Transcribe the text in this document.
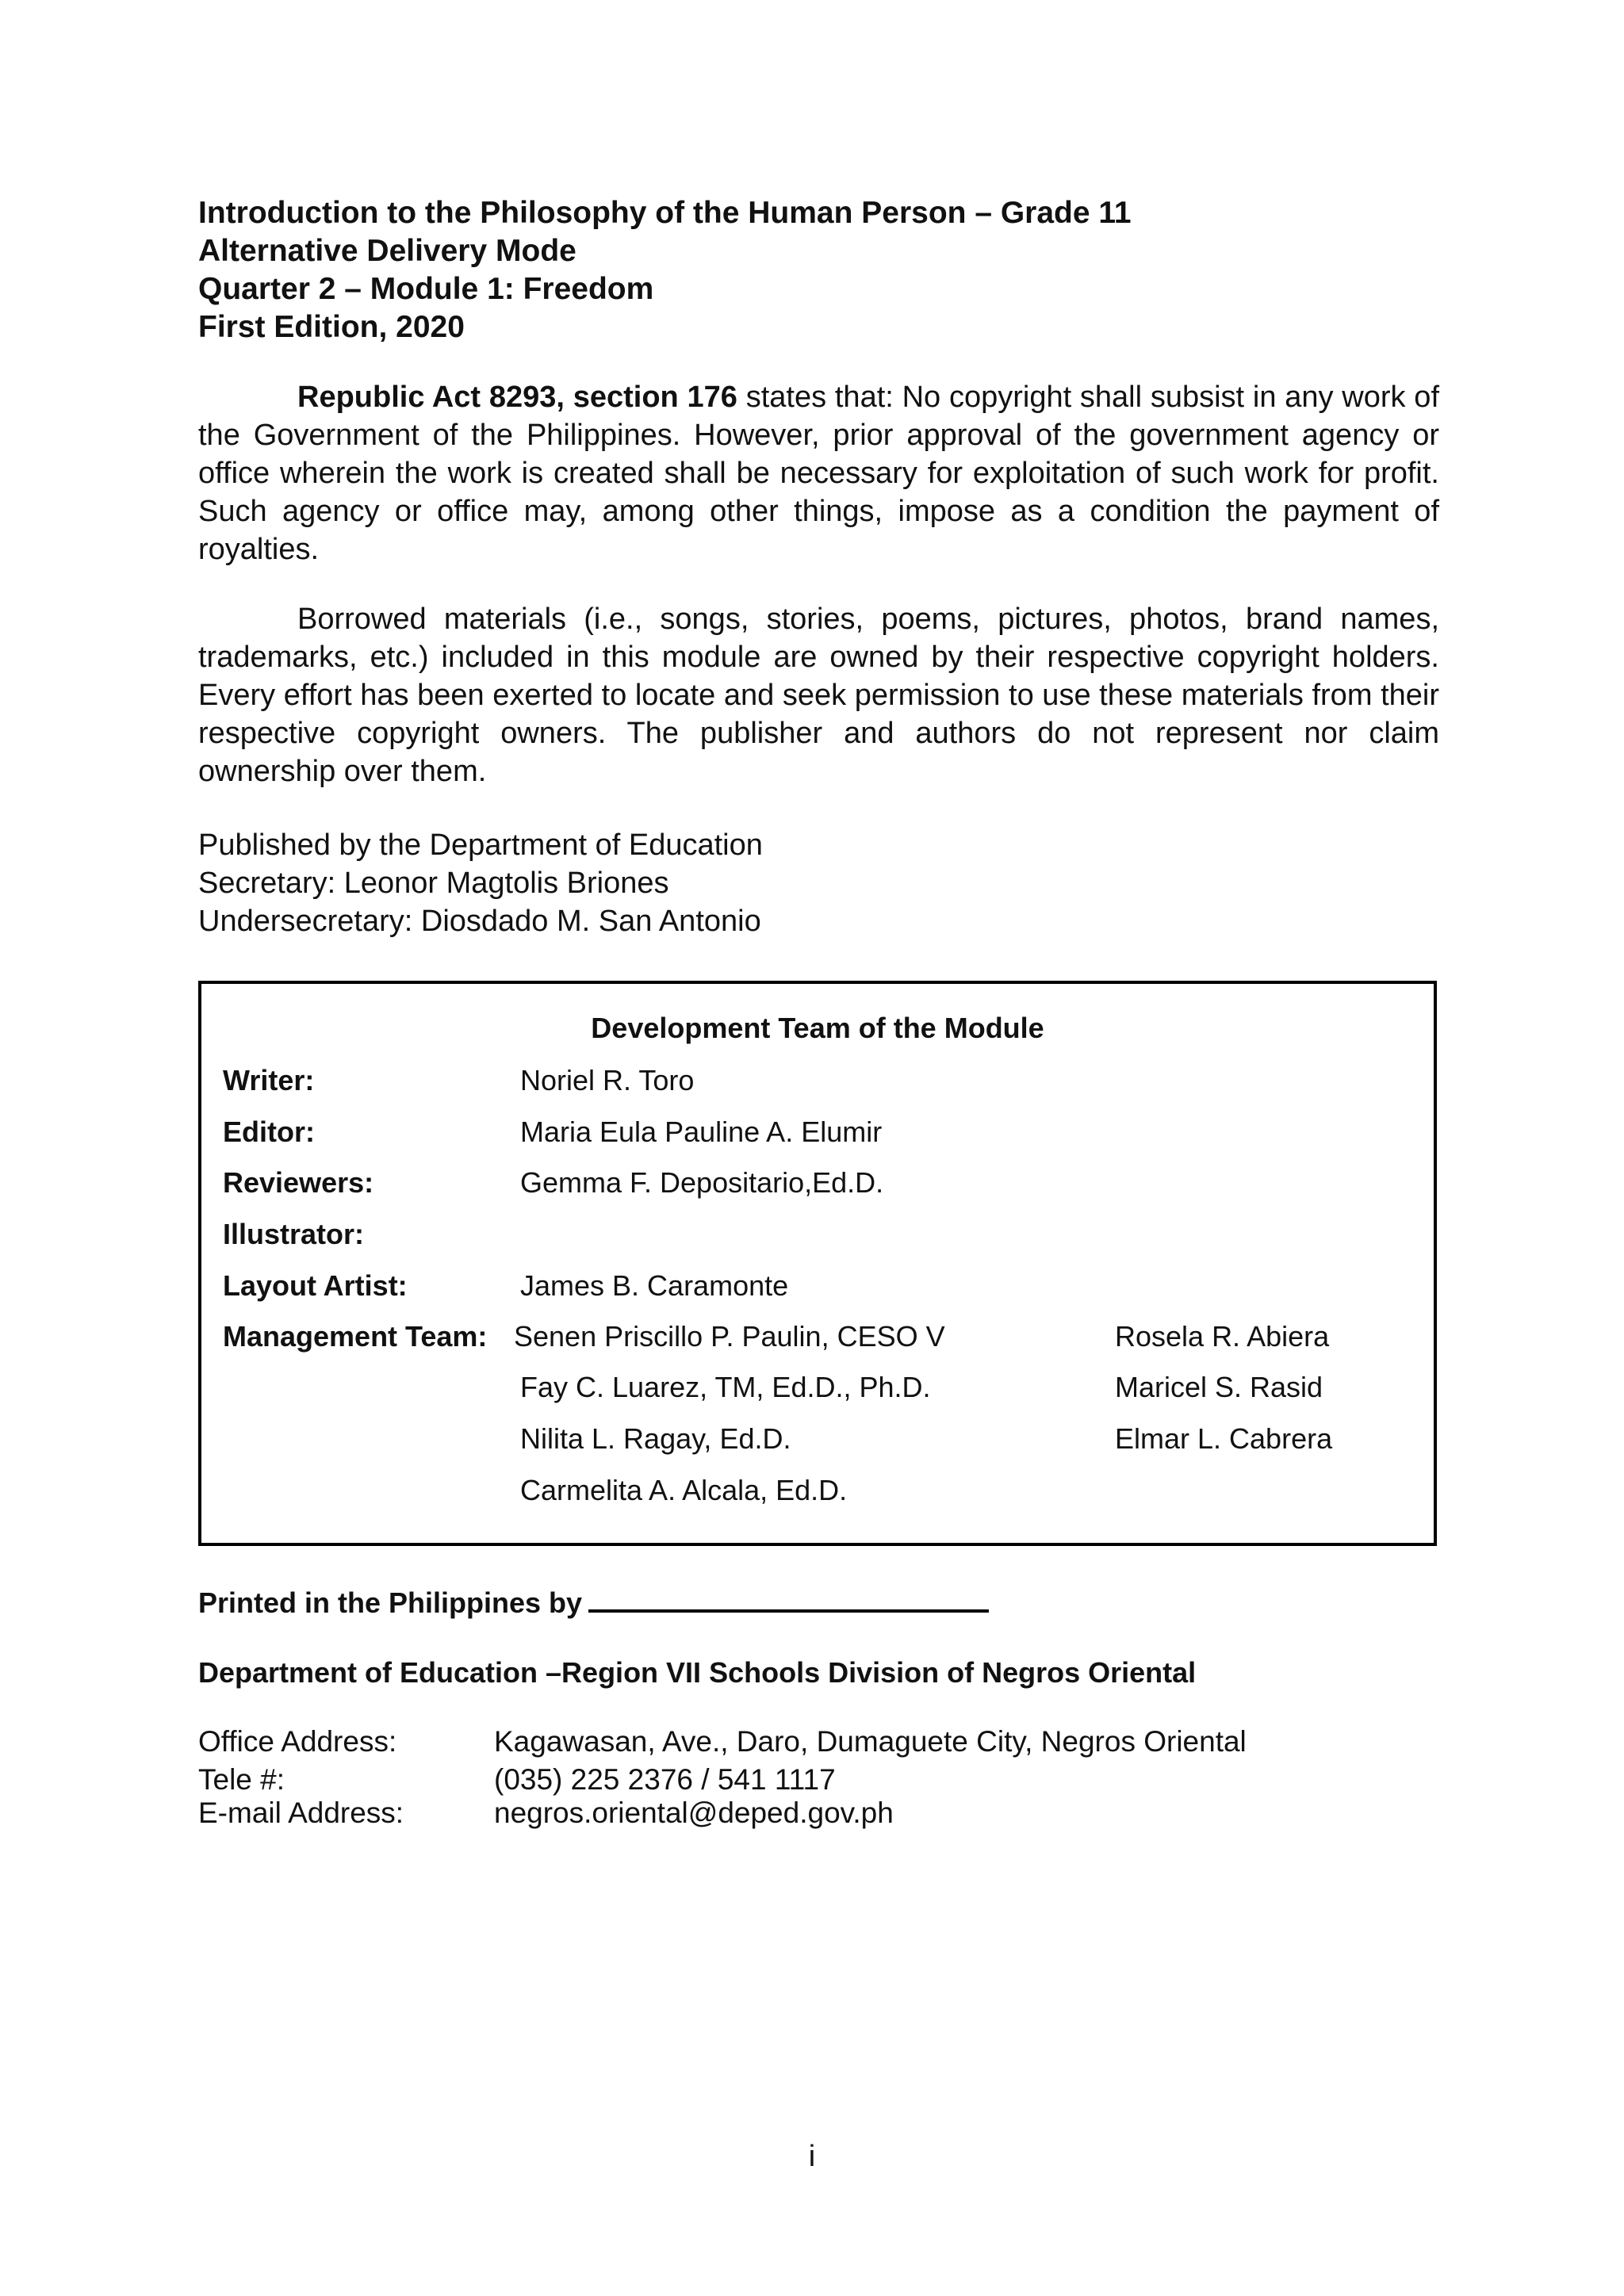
Introduction to the Philosophy of the Human Person – Grade 11
Alternative Delivery Mode
Quarter 2 – Module 1: Freedom
First Edition, 2020

Republic Act 8293, section 176 states that: No copyright shall subsist in any work of the Government of the Philippines. However, prior approval of the government agency or office wherein the work is created shall be necessary for exploitation of such work for profit. Such agency or office may, among other things, impose as a condition the payment of royalties.

Borrowed materials (i.e., songs, stories, poems, pictures, photos, brand names, trademarks, etc.) included in this module are owned by their respective copyright holders. Every effort has been exerted to locate and seek permission to use these materials from their respective copyright owners. The publisher and authors do not represent nor claim ownership over them.

Published by the Department of Education
Secretary: Leonor Magtolis Briones
Undersecretary: Diosdado M. San Antonio
Development Team of the Module
Writer:	Noriel R. Toro
Editor:	Maria Eula Pauline A. Elumir
Reviewers:	Gemma F. Depositario,Ed.D.
Illustrator:
Layout Artist:	James B. Caramonte
Management Team: Senen Priscillo P. Paulin, CESO V	Rosela R. Abiera
Fay C. Luarez, TM, Ed.D., Ph.D.	Maricel S. Rasid
Nilita L. Ragay, Ed.D.	Elmar L. Cabrera
Carmelita A. Alcala, Ed.D.
Printed in the Philippines by
Department of Education –Region VII Schools Division of Negros Oriental
Office Address:	Kagawasan, Ave., Daro, Dumaguete City, Negros Oriental
Tele #:	(035) 225 2376 / 541 1117
E-mail Address:	negros.oriental@deped.gov.ph
i
